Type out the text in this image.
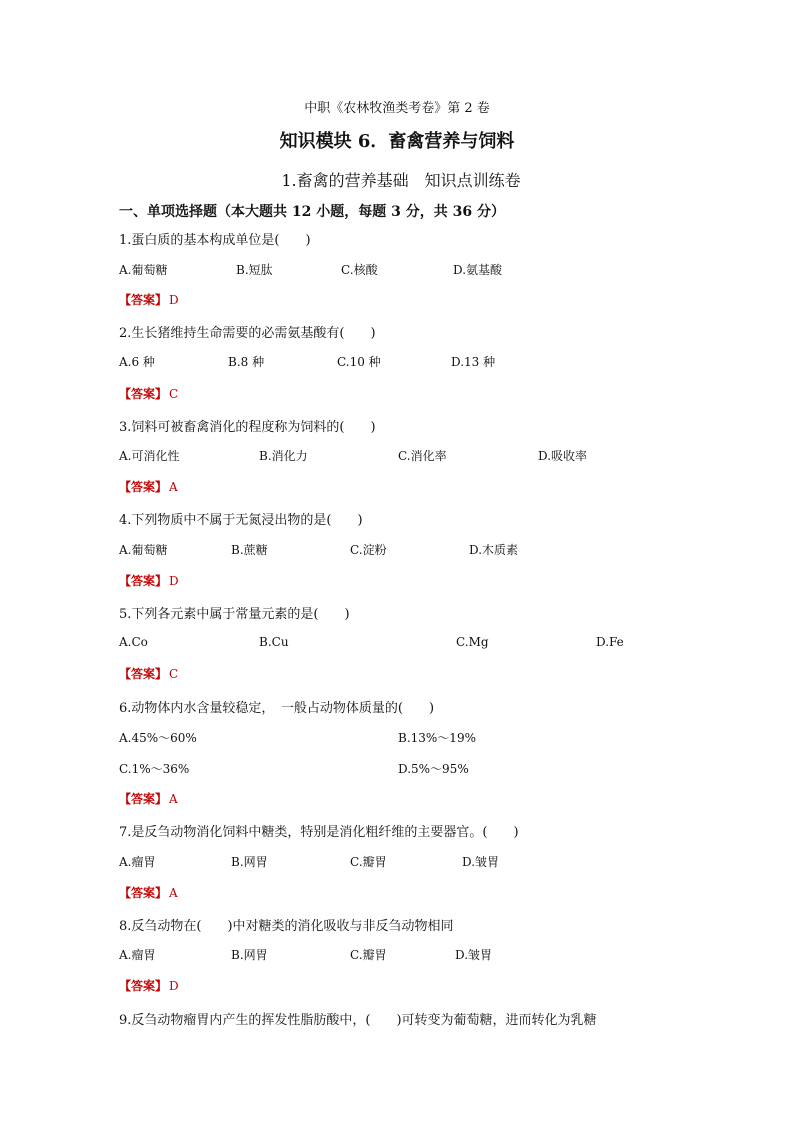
中职《农林牧渔类考卷》第 2 卷
知识模块 6．畜禽营养与饲料
1.畜禽的营养基础　知识点训练卷
一、单项选择题（本大题共 12 小题，每题 3 分，共 36 分）
1.蛋白质的基本构成单位是(　　)
A.葡萄糖	B.短肽	C.核酸	D.氨基酸
【答案】 D
2.生长猪维持生命需要的必需氨基酸有(　　)
A.6 种	B.8 种	C.10 种	D.13 种
【答案】 C
3.饲料可被畜禽消化的程度称为饲料的(　　)
A.可消化性	B.消化力	C.消化率	D.吸收率
【答案】 A
4.下列物质中不属于无氮浸出物的是(　　)
A.葡萄糖	B.蔗糖	C.淀粉	D.木质素
【答案】 D
5.下列各元素中属于常量元素的是(　　)
A.Co	B.Cu	C.Mg	D.Fe
【答案】 C
6.动物体内水含量较稳定，　一般占动物体质量的(　　)
A.45%～60%	B.13%～19%
C.1%～36%	D.5%～95%
【答案】 A
7.是反刍动物消化饲料中糖类，特别是消化粗纤维的主要器官。(　　)
A.瘤胃	B.网胃	C.瓣胃	D.皱胃
【答案】 A
8.反刍动物在(　　)中对糖类的消化吸收与非反刍动物相同
A.瘤胃	B.网胃	C.瓣胃	D.皱胃
【答案】 D
9.反刍动物瘤胃内产生的挥发性脂肪酸中，(　　)可转变为葡萄糖，进而转化为乳糖
